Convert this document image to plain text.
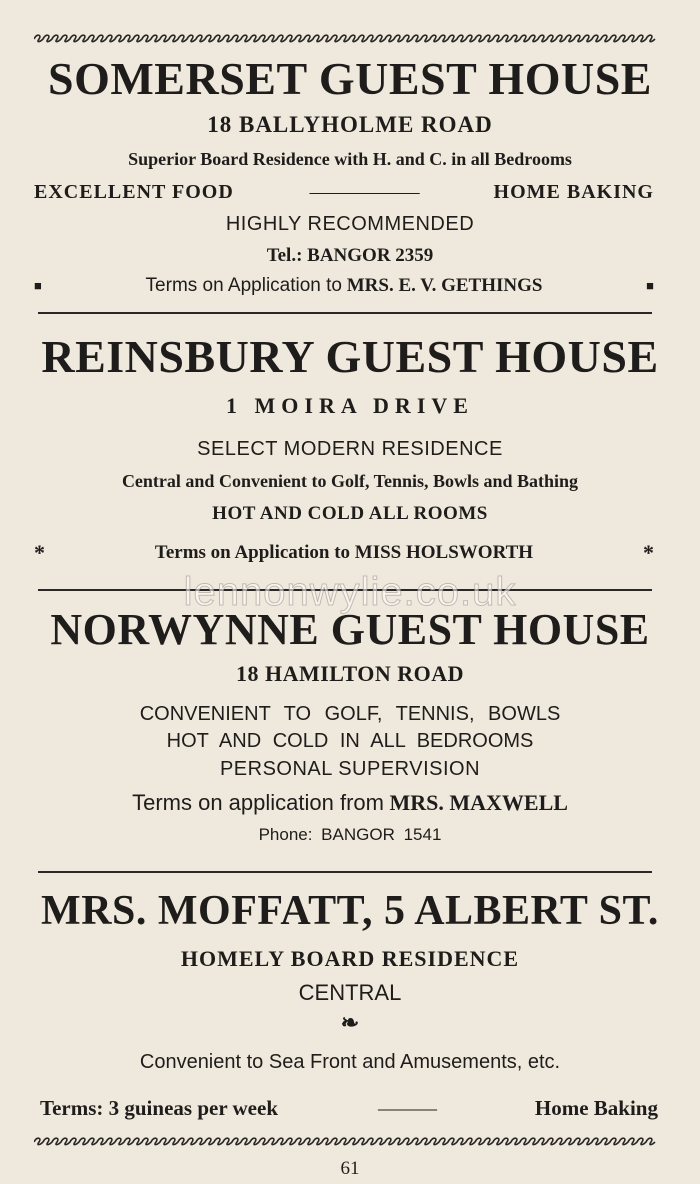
SOMERSET GUEST HOUSE
18 BALLYHOLME ROAD
Superior Board Residence with H. and C. in all Bedrooms
EXCELLENT FOOD	——————	HOME BAKING
HIGHLY RECOMMENDED
Tel.: BANGOR 2359
■	Terms on Application to MRS. E. V. GETHINGS	■
REINSBURY GUEST HOUSE
1 MOIRA DRIVE
SELECT MODERN RESIDENCE
Central and Convenient to Golf, Tennis, Bowls and Bathing
HOT AND COLD ALL ROOMS
*	Terms on Application to MISS HOLSWORTH	*
lennonwylie.co.uk
NORWYNNE GUEST HOUSE
18 HAMILTON ROAD
CONVENIENT TO GOLF, TENNIS, BOWLS
HOT AND COLD IN ALL BEDROOMS
PERSONAL SUPERVISION
Terms on application from MRS. MAXWELL
Phone: BANGOR 1541
MRS. MOFFATT, 5 ALBERT ST.
HOMELY BOARD RESIDENCE
CENTRAL
❧
Convenient to Sea Front and Amusements, etc.
Terms: 3 guineas per week	———	Home Baking
61
